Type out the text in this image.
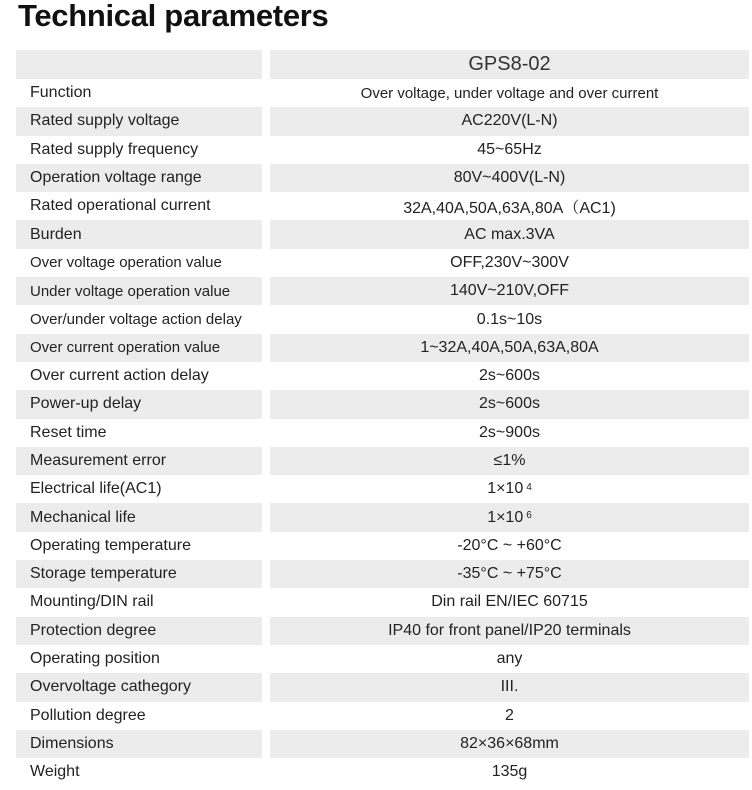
Technical parameters
GPS8-02
Function	Over voltage, under voltage and over current
Rated supply voltage	AC220V(L-N)
Rated supply frequency	45~65Hz
Operation voltage range	80V~400V(L-N)
Rated operational current	32A,40A,50A,63A,80A（AC1)
Burden	AC max.3VA
Over voltage operation value	OFF,230V~300V
Under voltage operation value	140V~210V,OFF
Over/under voltage action delay	0.1s~10s
Over current operation value	1~32A,40A,50A,63A,80A
Over current action delay	2s~600s
Power-up delay	2s~600s
Reset time	2s~900s
Measurement error	≤1%
Electrical life(AC1)	1×10 $^4$
Mechanical life	1×10 $^6$
Operating temperature	-20°C ~ +60°C
Storage temperature	-35°C ~ +75°C
Mounting/DIN rail	Din rail EN/IEC 60715
Protection degree	IP40 for front panel/IP20 terminals
Operating position	any
Overvoltage cathegory	III.
Pollution degree	2
Dimensions	82×36×68mm
Weight	135g
